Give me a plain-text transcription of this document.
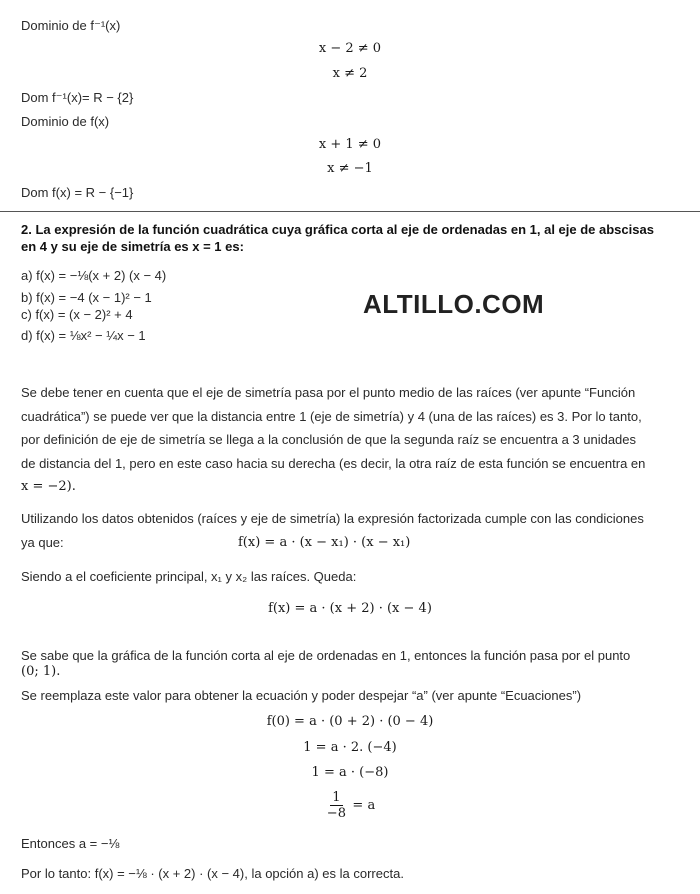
Dominio de f⁻¹(x)
x − 2 ≠ 0
x ≠ 2
Dom f⁻¹(x)= R − {2}
Dominio de f(x)
x + 1 ≠ 0
x ≠ −1
Dom f(x) = R − {−1}
2. La expresión de la función cuadrática cuya gráfica corta al eje de ordenadas en 1, al eje de abscisas
en 4 y su eje de simetría es x = 1 es:
a) f(x) = −⅛(x + 2) (x − 4)
b) f(x) = −4 (x − 1)² − 1
c) f(x) = (x − 2)² + 4
d) f(x) = ⅛x² − ¼x − 1
ALTILLO.COM
Se debe tener en cuenta que el eje de simetría pasa por el punto medio de las raíces (ver apunte “Función
cuadrática”) se puede ver que la distancia entre 1 (eje de simetría) y 4 (una de las raíces) es 3. Por lo tanto,
por definición de eje de simetría se llega a la conclusión de que la segunda raíz se encuentra a 3 unidades
de distancia del 1, pero en este caso hacia su derecha (es decir, la otra raíz de esta función se encuentra en
x = −2).
Utilizando los datos obtenidos (raíces y eje de simetría) la expresión factorizada cumple con las condiciones
ya que:	f(x) = a · (x − x₁) · (x − x₁)
Siendo a el coeficiente principal, x₁ y x₂ las raíces. Queda:
f(x) = a · (x + 2) · (x − 4)
Se sabe que la gráfica de la función corta al eje de ordenadas en 1, entonces la función pasa por el punto
(0; 1).
Se reemplaza este valor para obtener la ecuación y poder despejar “a” (ver apunte “Ecuaciones”)
f(0) = a · (0 + 2) · (0 − 4)
1 = a · 2. (−4)
1 = a · (−8)
$\frac{1}{-8} = a$
Entonces a = −⅛
Por lo tanto: f(x) = −⅛ · (x + 2) · (x − 4), la opción a) es la correcta.
